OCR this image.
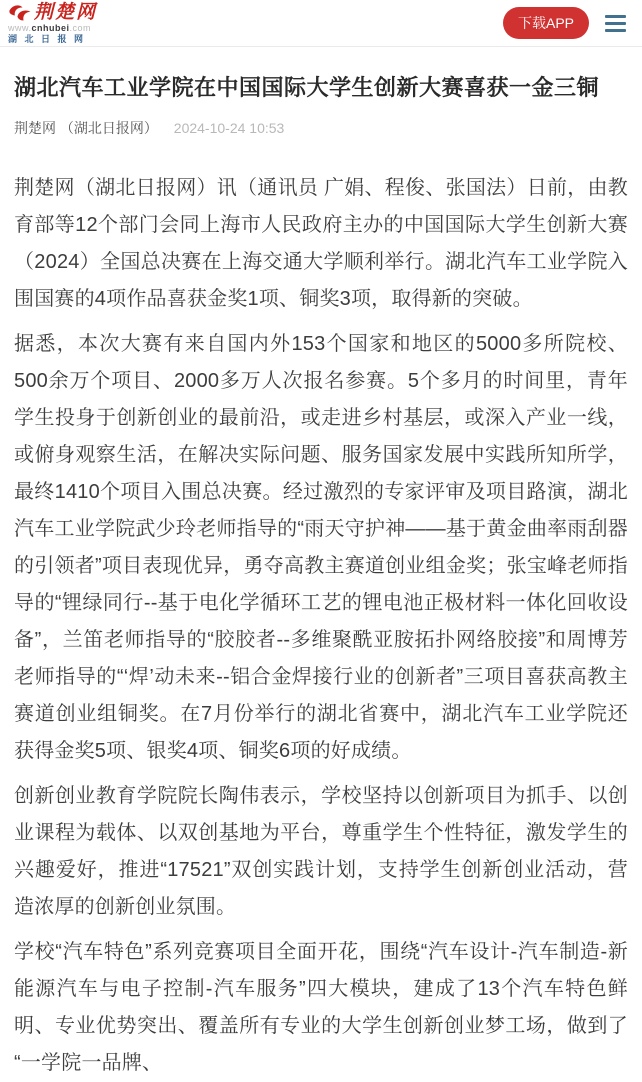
荆楚网
www.cnhubei.com
湖北日报网
下载APP
湖北汽车工业学院在中国国际大学生创新大赛喜获一金三铜
荆楚网 （湖北日报网） 2024-10-24 10:53

荆楚网（湖北日报网）讯（通讯员 广娟、程俊、张国法）日前，由教育部等12个部门会同上海市人民政府主办的中国国际大学生创新大赛（2024）全国总决赛在上海交通大学顺利举行。湖北汽车工业学院入围国赛的4项作品喜获金奖1项、铜奖3项，取得新的突破。

据悉，本次大赛有来自国内外153个国家和地区的5000多所院校、500余万个项目、2000多万人次报名参赛。5个多月的时间里，青年学生投身于创新创业的最前沿，或走进乡村基层，或深入产业一线，或俯身观察生活，在解决实际问题、服务国家发展中实践所知所学，最终1410个项目入围总决赛。经过激烈的专家评审及项目路演，湖北汽车工业学院武少玲老师指导的“雨天守护神——基于黄金曲率雨刮器的引领者”项目表现优异，勇夺高教主赛道创业组金奖；张宝峰老师指导的“锂绿同行--基于电化学循环工艺的锂电池正极材料一体化回收设备”，兰笛老师指导的“胶胶者--多维聚酰亚胺拓扑网络胶接”和周博芳老师指导的“‘焊’动未来--铝合金焊接行业的创新者”三项目喜获高教主赛道创业组铜奖。在7月份举行的湖北省赛中，湖北汽车工业学院还获得金奖5项、银奖4项、铜奖6项的好成绩。

创新创业教育学院院长陶伟表示，学校坚持以创新项目为抓手、以创业课程为载体、以双创基地为平台，尊重学生个性特征，激发学生的兴趣爱好，推进“17521”双创实践计划，支持学生创新创业活动，营造浓厚的创新创业氛围。

学校“汽车特色”系列竞赛项目全面开花，围绕“汽车设计-汽车制造-新能源汽车与电子控制-汽车服务”四大模块，建成了13个汽车特色鲜明、专业优势突出、覆盖所有专业的大学生创新创业梦工场，做到了“一学院一品牌、
